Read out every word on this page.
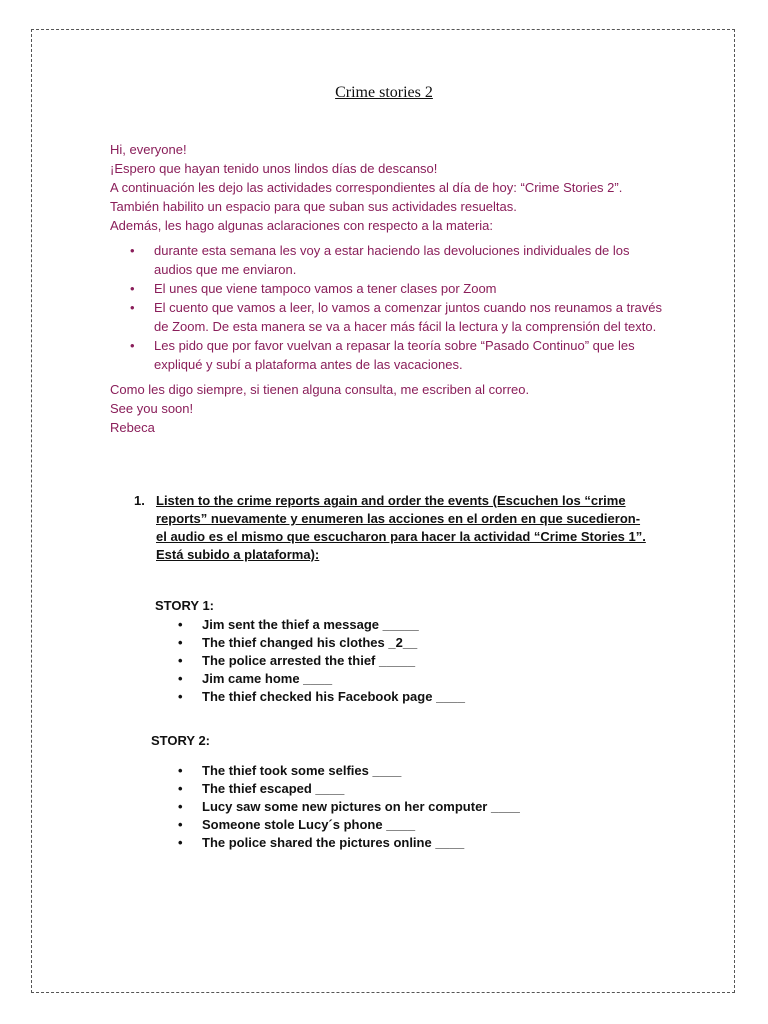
Crime stories 2

Hi, everyone!

¡Espero que hayan tenido unos lindos días de descanso!

A continuación les dejo las actividades correspondientes al día de hoy: “Crime Stories 2”.

También habilito un espacio para que suban sus actividades resueltas.

Además, les hago algunas aclaraciones con respecto a la materia:

• durante esta semana les voy a estar haciendo las devoluciones individuales de los audios que me enviaron.
• El unes que viene tampoco vamos a tener clases por Zoom
• El cuento que vamos a leer, lo vamos a comenzar juntos cuando nos reunamos a través de Zoom. De esta manera se va a hacer más fácil la lectura y la comprensión del texto.
• Les pido que por favor vuelvan a repasar la teoría sobre “Pasado Continuo” que les expliqué y subí a plataforma antes de las vacaciones.

Como les digo siempre, si tienen alguna consulta, me escriben al correo.

See you soon!

Rebeca

1. Listen to the crime reports again and order the events (Escuchen los “crime reports” nuevamente y enumeren las acciones en el orden en que sucedieron- el audio es el mismo que escucharon para hacer la actividad “Crime Stories 1”. Está subido a plataforma):
STORY 1:
• Jim sent the thief a message _____
• The thief changed his clothes _2__
• The police arrested the thief _____
• Jim came home ____
• The thief checked his Facebook page ____
STORY 2:
• The thief took some selfies ____
• The thief escaped ____
• Lucy saw some new pictures on her computer ____
• Someone stole Lucy´s phone ____
• The police shared the pictures online ____
